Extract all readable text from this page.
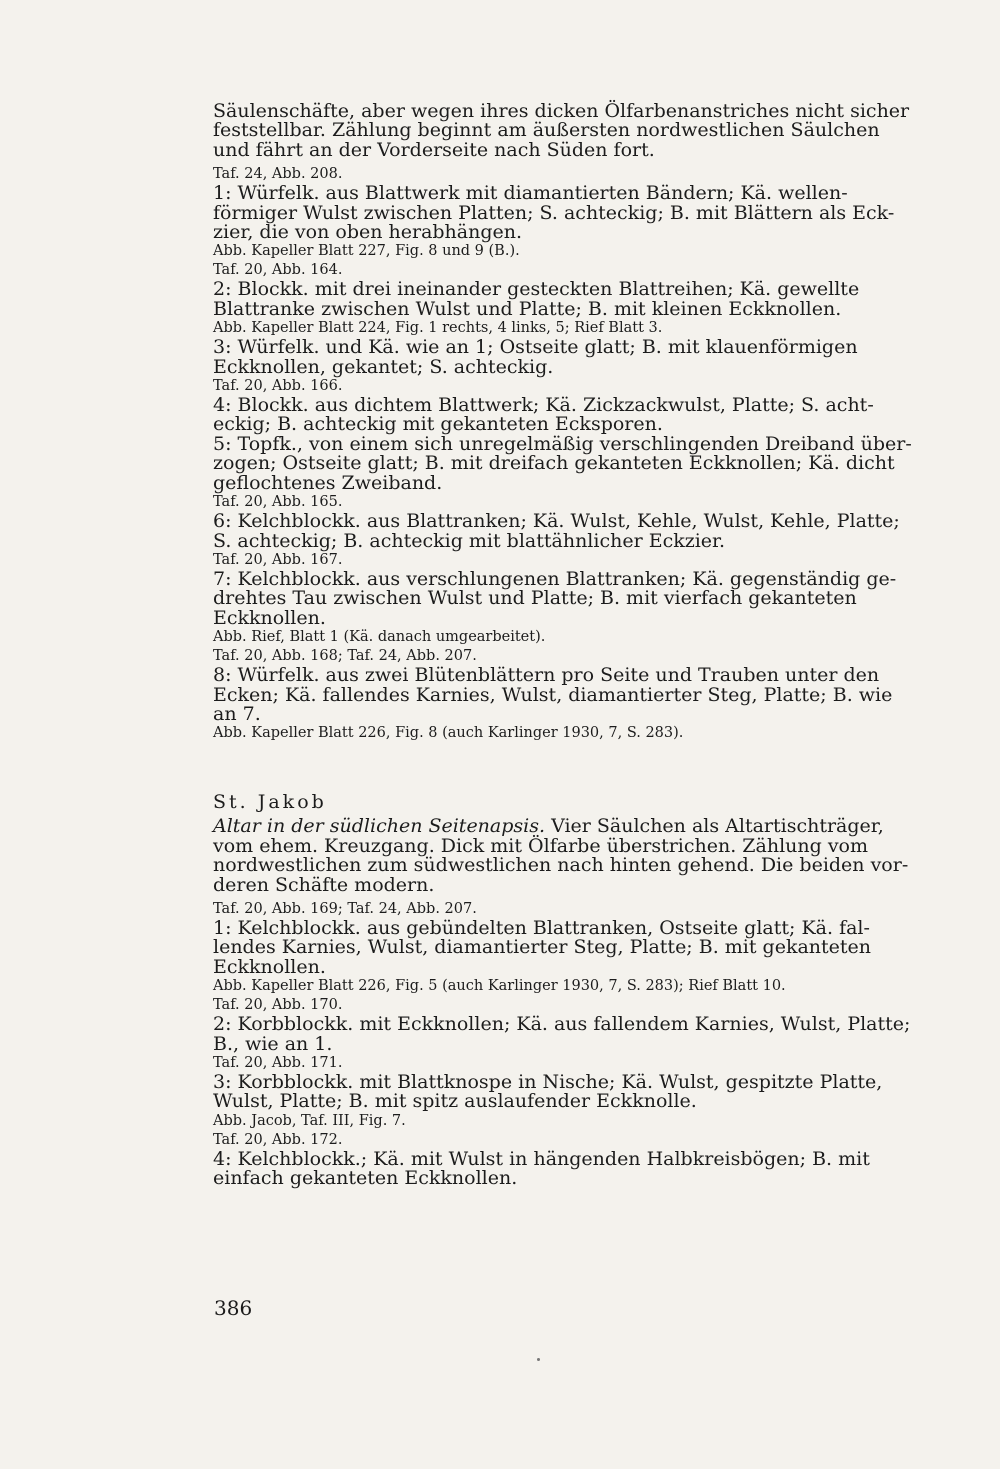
Säulenschäfte, aber wegen ihres dicken Ölfarbenanstriches nicht sicher
feststellbar. Zählung beginnt am äußersten nordwestlichen Säulchen
und fährt an der Vorderseite nach Süden fort.

Taf. 24, Abb. 208.

1: Würfelk. aus Blattwerk mit diamantierten Bändern; Kä. wellen-
förmiger Wulst zwischen Platten; S. achteckig; B. mit Blättern als Eck-
zier, die von oben herabhängen.

Abb. Kapeller Blatt 227, Fig. 8 und 9 (B.).
Taf. 20, Abb. 164.

2: Blockk. mit drei ineinander gesteckten Blattreihen; Kä. gewellte
Blattranke zwischen Wulst und Platte; B. mit kleinen Eckknollen.

Abb. Kapeller Blatt 224, Fig. 1 rechts, 4 links, 5; Rief Blatt 3.

3: Würfelk. und Kä. wie an 1; Ostseite glatt; B. mit klauenförmigen
Eckknollen, gekantet; S. achteckig.

Taf. 20, Abb. 166.

4: Blockk. aus dichtem Blattwerk; Kä. Zickzackwulst, Platte; S. acht-
eckig; B. achteckig mit gekanteten Ecksporen.

5: Topfk., von einem sich unregelmäßig verschlingenden Dreiband über-
zogen; Ostseite glatt; B. mit dreifach gekanteten Eckknollen; Kä. dicht
geflochtenes Zweiband.

Taf. 20, Abb. 165.

6: Kelchblockk. aus Blattranken; Kä. Wulst, Kehle, Wulst, Kehle, Platte;
S. achteckig; B. achteckig mit blattähnlicher Eckzier.

Taf. 20, Abb. 167.

7: Kelchblockk. aus verschlungenen Blattranken; Kä. gegenständig ge-
drehtes Tau zwischen Wulst und Platte; B. mit vierfach gekanteten
Eckknollen.

Abb. Rief, Blatt 1 (Kä. danach umgearbeitet).
Taf. 20, Abb. 168; Taf. 24, Abb. 207.

8: Würfelk. aus zwei Blütenblättern pro Seite und Trauben unter den
Ecken; Kä. fallendes Karnies, Wulst, diamantierter Steg, Platte; B. wie
an 7.

Abb. Kapeller Blatt 226, Fig. 8 (auch Karlinger 1930, 7, S. 283).

St. Jakob

Altar in der südlichen Seitenapsis. Vier Säulchen als Altartischträger,
vom ehem. Kreuzgang. Dick mit Ölfarbe überstrichen. Zählung vom
nordwestlichen zum südwestlichen nach hinten gehend. Die beiden vor-
deren Schäfte modern.

Taf. 20, Abb. 169; Taf. 24, Abb. 207.

1: Kelchblockk. aus gebündelten Blattranken, Ostseite glatt; Kä. fal-
lendes Karnies, Wulst, diamantierter Steg, Platte; B. mit gekanteten
Eckknollen.

Abb. Kapeller Blatt 226, Fig. 5 (auch Karlinger 1930, 7, S. 283); Rief Blatt 10.
Taf. 20, Abb. 170.

2: Korbblockk. mit Eckknollen; Kä. aus fallendem Karnies, Wulst, Platte;
B., wie an 1.

Taf. 20, Abb. 171.

3: Korbblockk. mit Blattknospe in Nische; Kä. Wulst, gespitzte Platte,
Wulst, Platte; B. mit spitz auslaufender Eckknolle.

Abb. Jacob, Taf. III, Fig. 7.
Taf. 20, Abb. 172.

4: Kelchblockk.; Kä. mit Wulst in hängenden Halbkreisbögen; B. mit
einfach gekanteten Eckknollen.

386
